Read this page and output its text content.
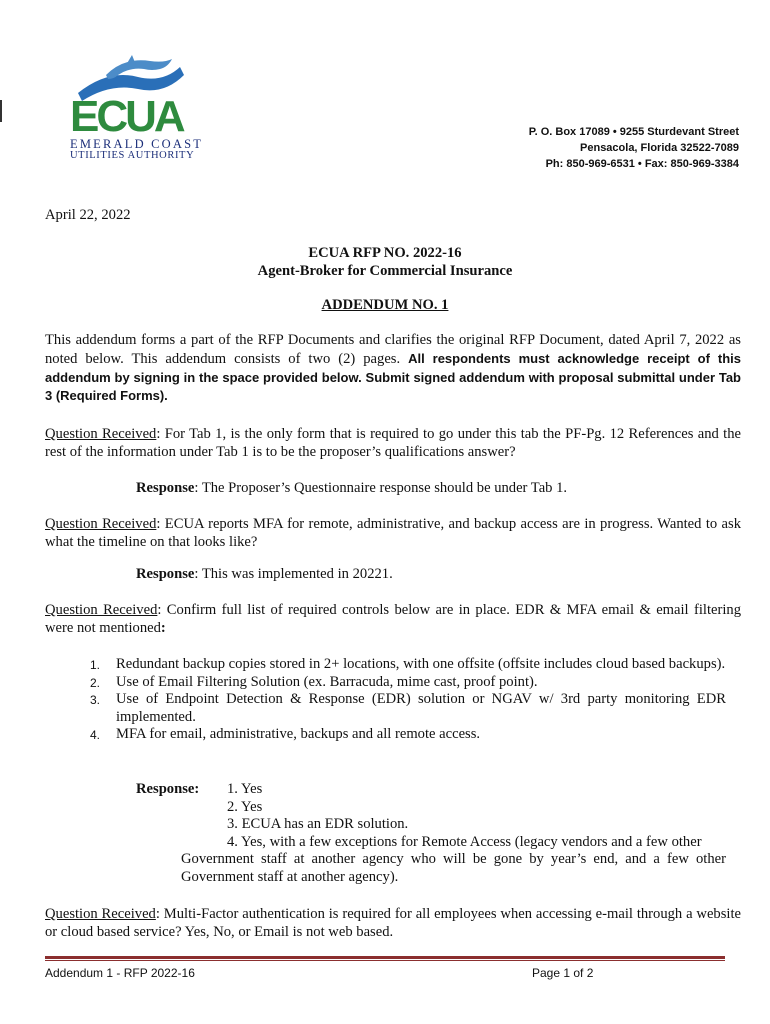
ECUA
EMERALD COAST
UTILITIES AUTHORITY
P. O. Box 17089 • 9255 Sturdevant Street
Pensacola, Florida 32522-7089
Ph: 850-969-6531 • Fax: 850-969-3384
April 22, 2022
ECUA RFP NO. 2022-16
Agent-Broker for Commercial Insurance
ADDENDUM NO. 1
This addendum forms a part of the RFP Documents and clarifies the original RFP Document, dated April 7, 2022 as noted below. This addendum consists of two (2) pages. All respondents must acknowledge receipt of this addendum by signing in the space provided below. Submit signed addendum with proposal submittal under Tab 3 (Required Forms).
Question Received: For Tab 1, is the only form that is required to go under this tab the PF-Pg. 12 References and the rest of the information under Tab 1 is to be the proposer’s qualifications answer?
Response: The Proposer’s Questionnaire response should be under Tab 1.
Question Received: ECUA reports MFA for remote, administrative, and backup access are in progress. Wanted to ask what the timeline on that looks like?
Response: This was implemented in 20221.
Question Received: Confirm full list of required controls below are in place. EDR & MFA email & email filtering were not mentioned:
1. Redundant backup copies stored in 2+ locations, with one offsite (offsite includes cloud based backups).
2. Use of Email Filtering Solution (ex. Barracuda, mime cast, proof point).
3. Use of Endpoint Detection & Response (EDR) solution or NGAV w/ 3rd party monitoring EDR implemented.
4. MFA for email, administrative, backups and all remote access.
Response: 1. Yes
2. Yes
3. ECUA has an EDR solution.
4. Yes, with a few exceptions for Remote Access (legacy vendors and a few other
Government staff at another agency who will be gone by year’s end, and a few other Government staff at another agency).
Question Received: Multi-Factor authentication is required for all employees when accessing e-mail through a website or cloud based service? Yes, No, or Email is not web based.
Addendum 1 - RFP 2022-16	Page 1 of 2
